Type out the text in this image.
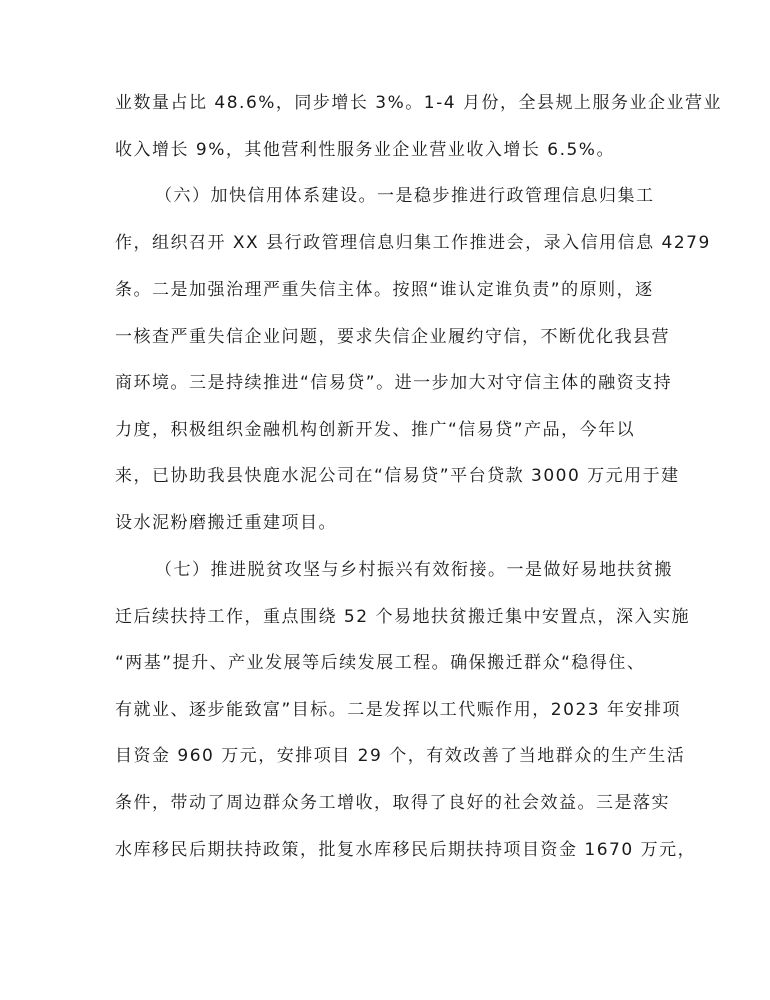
业数量占比 48.6%，同步增长 3%。1-4 月份，全县规上服务业企业营业
收入增长 9%，其他营利性服务业企业营业收入增长 6.5%。
（六）加快信用体系建设。一是稳步推进行政管理信息归集工
作，组织召开 XX 县行政管理信息归集工作推进会，录入信用信息 4279
条。二是加强治理严重失信主体。按照“谁认定谁负责”的原则，逐
一核查严重失信企业问题，要求失信企业履约守信，不断优化我县营
商环境。三是持续推进“信易贷”。进一步加大对守信主体的融资支持
力度，积极组织金融机构创新开发、推广“信易贷”产品，今年以
来，已协助我县快鹿水泥公司在“信易贷”平台贷款 3000 万元用于建
设水泥粉磨搬迁重建项目。
（七）推进脱贫攻坚与乡村振兴有效衔接。一是做好易地扶贫搬
迁后续扶持工作，重点围绕 52 个易地扶贫搬迁集中安置点，深入实施
“两基”提升、产业发展等后续发展工程。确保搬迁群众“稳得住、
有就业、逐步能致富”目标。二是发挥以工代赈作用，2023 年安排项
目资金 960 万元，安排项目 29 个，有效改善了当地群众的生产生活
条件，带动了周边群众务工增收，取得了良好的社会效益。三是落实
水库移民后期扶持政策，批复水库移民后期扶持项目资金 1670 万元，
